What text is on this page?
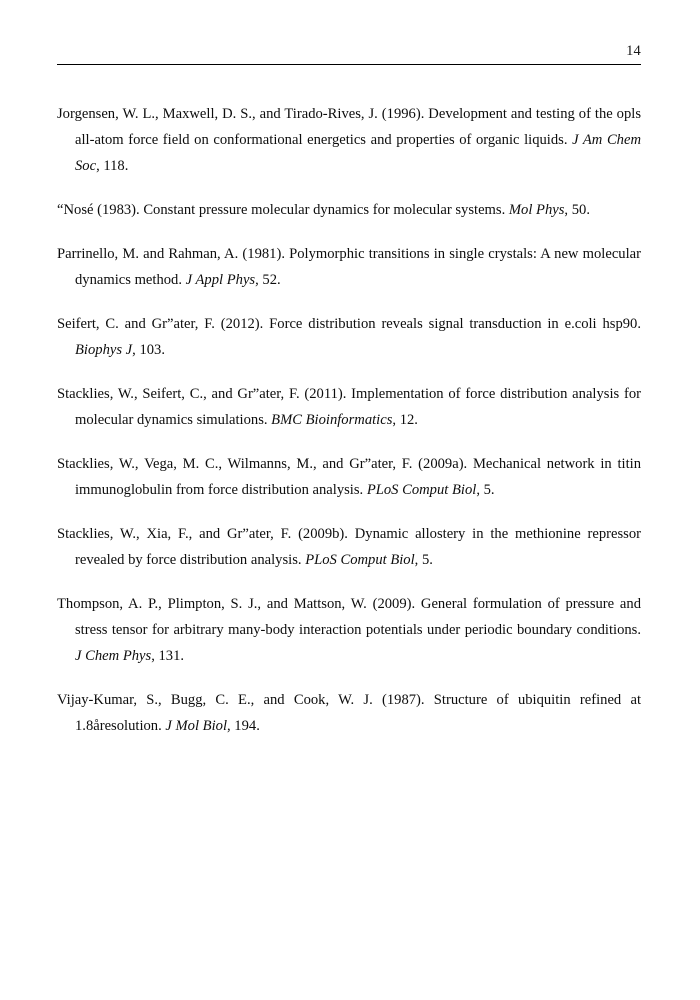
14

Jorgensen, W. L., Maxwell, D. S., and Tirado-Rives, J. (1996). Development and testing of the opls all-atom force field on conformational energetics and properties of organic liquids. J Am Chem Soc, 118.

“Nosé (1983). Constant pressure molecular dynamics for molecular systems. Mol Phys, 50.

Parrinello, M. and Rahman, A. (1981). Polymorphic transitions in single crystals: A new molecular dynamics method. J Appl Phys, 52.

Seifert, C. and Gr”ater, F. (2012). Force distribution reveals signal transduction in e.coli hsp90. Biophys J, 103.

Stacklies, W., Seifert, C., and Gr”ater, F. (2011). Implementation of force distribution analysis for molecular dynamics simulations. BMC Bioinformatics, 12.

Stacklies, W., Vega, M. C., Wilmanns, M., and Gr”ater, F. (2009a). Mechanical network in titin immunoglobulin from force distribution analysis. PLoS Comput Biol, 5.

Stacklies, W., Xia, F., and Gr”ater, F. (2009b). Dynamic allostery in the methionine repressor revealed by force distribution analysis. PLoS Comput Biol, 5.

Thompson, A. P., Plimpton, S. J., and Mattson, W. (2009). General formulation of pressure and stress tensor for arbitrary many-body interaction potentials under periodic boundary conditions. J Chem Phys, 131.

Vijay-Kumar, S., Bugg, C. E., and Cook, W. J. (1987). Structure of ubiquitin refined at 1.8åresolution. J Mol Biol, 194.
